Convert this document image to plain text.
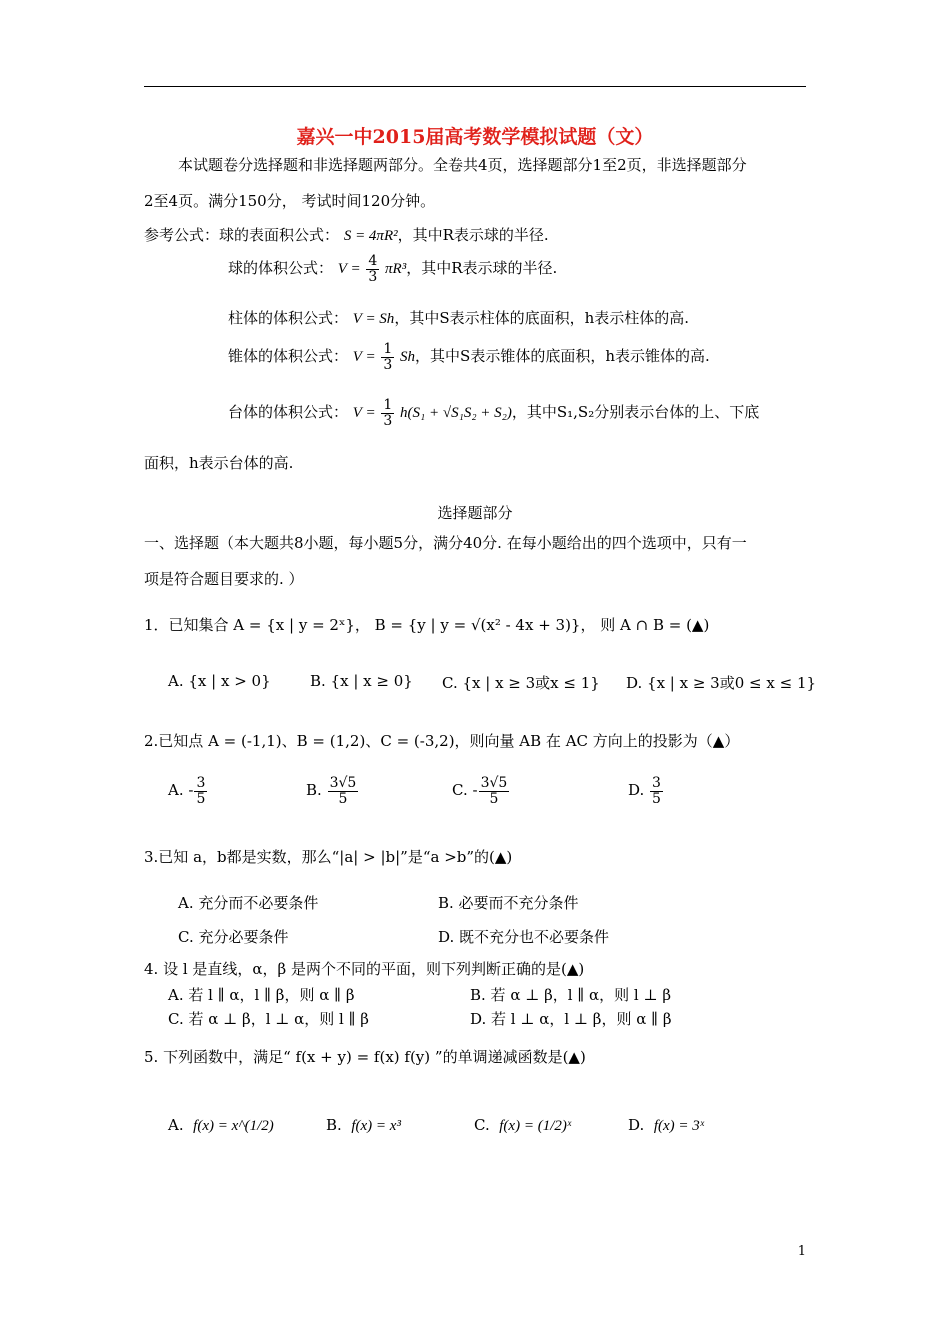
嘉兴一中2015届高考数学模拟试题（文）
本试题卷分选择题和非选择题两部分。全卷共4页，选择题部分1至2页，非选择题部分
2至4页。满分150分， 考试时间120分钟。
参考公式：球的表面积公式： S = 4πR²，其中R表示球的半径.
球的体积公式： $V = \frac{4}{3} \pi R^3$，其中R表示球的半径.
柱体的体积公式： V = Sh，其中S表示柱体的底面积，h表示柱体的高.
锥体的体积公式： $V = \frac{1}{3}$ Sh，其中S表示锥体的底面积，h表示锥体的高.
台体的体积公式： $V = \frac{1}{3} h(S_1 + √S_1S_2 + S_2)$，其中S₁,S₂分别表示台体的上、下底
面积，h表示台体的高.
选择题部分
一、选择题（本大题共8小题，每小题5分，满分40分. 在每小题给出的四个选项中，只有一
项是符合题目要求的. ）
1．已知集合 A = {x | y = 2ˣ}， B = {y | y = √(x² - 4x + 3)}， 则 A ∩ B = (▲)
A. {x | x > 0}	B. {x | x ≥ 0} C. {x | x ≥ 3或x ≤ 1} D. {x | x ≥ 3或0 ≤ x ≤ 1}
2.已知点 A = (-1,1)、B = (1,2)、C = (-3,2)，则向量 AB 在 AC 方向上的投影为（▲）
A. - $\frac{3}{5}$	B. $\frac{3√5}{5}$	C. - $\frac{3√5}{5}$	D. $\frac{3}{5}$
3.已知 a，b都是实数，那么“|a| > |b|”是“a >b”的(▲)
A. 充分而不必要条件	B. 必要而不充分条件
C. 充分必要条件	D. 既不充分也不必要条件
4. 设 l 是直线，α，β 是两个不同的平面，则下列判断正确的是(▲)
A. 若 l ∥ α，l ∥ β，则 α ∥ β	B. 若 α ⊥ β，l ∥ α，则 l ⊥ β
C. 若 α ⊥ β，l ⊥ α，则 l ∥ β	D. 若 l ⊥ α，l ⊥ β，则 α ∥ β
5. 下列函数中，满足“ f(x + y) = f(x) f(y) ”的单调递减函数是(▲)
A. f(x) = x^(1/2)	B. f(x) = x³	C. f(x) = (1/2)ˣ	D. f(x) = 3ˣ
1
